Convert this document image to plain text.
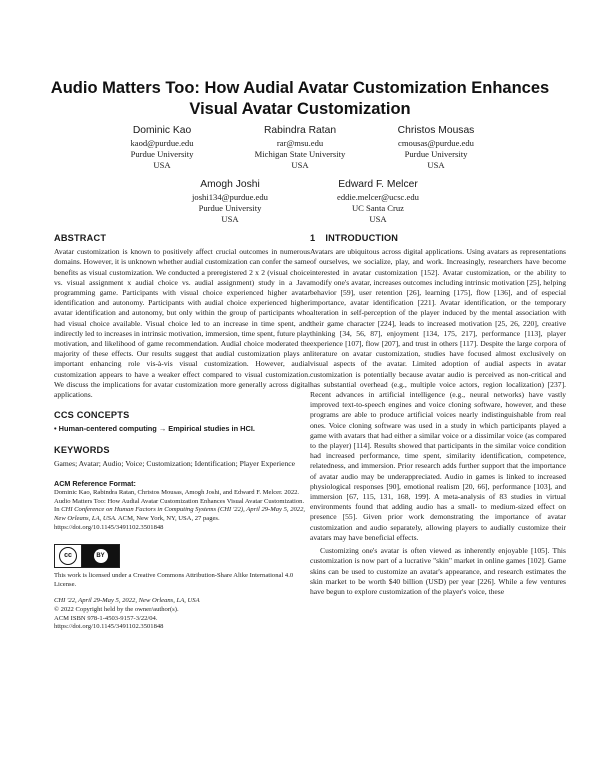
Audio Matters Too: How Audial Avatar Customization Enhances Visual Avatar Customization
Dominic Kao
kaod@purdue.edu
Purdue University
USA
Rabindra Ratan
rar@msu.edu
Michigan State University
USA
Christos Mousas
cmousas@purdue.edu
Purdue University
USA
Amogh Joshi
joshi134@purdue.edu
Purdue University
USA
Edward F. Melcer
eddie.melcer@ucsc.edu
UC Santa Cruz
USA
ABSTRACT

Avatar customization is known to positively affect crucial outcomes in numerous domains. However, it is unknown whether audial customization can confer the same benefits as visual customization. We conducted a preregistered 2 x 2 (visual choice vs. visual assignment x audial choice vs. audial assignment) study in a Java programming game. Participants with visual choice experienced higher avatar identification and autonomy. Participants with audial choice experienced higher avatar identification and autonomy, but only within the group of participants who had visual choice available. Visual choice led to an increase in time spent, and indirectly led to increases in intrinsic motivation, immersion, time spent, future play motivation, and likelihood of game recommendation. Audial choice moderated the majority of these effects. Our results suggest that audial customization plays an important enhancing role vis-à-vis visual customization. However, audial customization appears to have a weaker effect compared to visual customization. We discuss the implications for avatar customization more generally across digital applications.

CCS CONCEPTS

• Human-centered computing → Empirical studies in HCI.

KEYWORDS

Games; Avatar; Audio; Voice; Customization; Identification; Player Experience

ACM Reference Format:

Dominic Kao, Rabindra Ratan, Christos Mousas, Amogh Joshi, and Edward F. Melcer. 2022. Audio Matters Too: How Audial Avatar Customization Enhances Visual Avatar Customization. In CHI Conference on Human Factors in Computing Systems (CHI '22), April 29-May 5, 2022, New Orleans, LA, USA. ACM, New York, NY, USA, 27 pages. https://doi.org/10.1145/3491102.3501848

cc	BY

This work is licensed under a Creative Commons Attribution-Share Alike International 4.0 License.

CHI '22, April 29-May 5, 2022, New Orleans, LA, USA

© 2022 Copyright held by the owner/author(s).

ACM ISBN 978-1-4503-9157-3/22/04.

https://doi.org/10.1145/3491102.3501848

1 INTRODUCTION

Avatars are ubiquitous across digital applications. Using avatars as representations of ourselves, we socialize, play, and work. Increasingly, researchers have become interested in avatar customization [152]. Avatar customization, or the ability to modify one's avatar, increases outcomes including intrinsic motivation [25], helping behavior [59], user retention [26], learning [175], flow [136], and of especial importance, avatar identification [221]. Avatar identification, or the temporary alteration in self-perception of the player induced by the mental association with their game character [224], leads to increased motivation [25, 26, 220], creative thinking [34, 56, 87], enjoyment [134, 175, 217], performance [113], player experience [107], flow [207], and trust in others [117]. Despite the large corpora of literature on avatar customization, studies have focused almost exclusively on visual aspects of the avatar. Limited adoption of audial aspects in avatar customization is potentially because avatar audio is perceived as non-critical and has substantial overhead (e.g., multiple voice actors, region localization) [237]. Recent advances in artificial intelligence (e.g., neural networks) have vastly improved text-to-speech engines and voice cloning software, however, and these programs are able to produce artificial voices nearly indistinguishable from real ones. Voice cloning software was used in a study in which participants played a game with avatars that had either a similar voice or a dissimilar voice (as compared to the player) [114]. Results showed that participants in the similar voice condition had increased performance, time spent, similarity identification, competence, relatedness, and immersion. Prior research adds further support that the importance of avatar audio may be underappreciated. Audio in games is linked to increased physiological responses [90], emotional realism [20, 66], performance [103], and immersion [67, 115, 131, 168, 199]. A meta-analysis of 83 studies in virtual environments found that adding audio has a small- to medium-sized effect on presence [55]. Given prior work demonstrating the importance of avatar customization and audio separately, allowing players to audially customize their avatars may have beneficial effects.

Customizing one's avatar is often viewed as inherently enjoyable [105]. This customization is now part of a lucrative "skin" market in online games [102]. Game skins can be used to customize an avatar's appearance, and research estimates the skin market to be worth $40 billion (USD) per year [226]. While a few ventures have begun to explore customization of the player's voice, these
